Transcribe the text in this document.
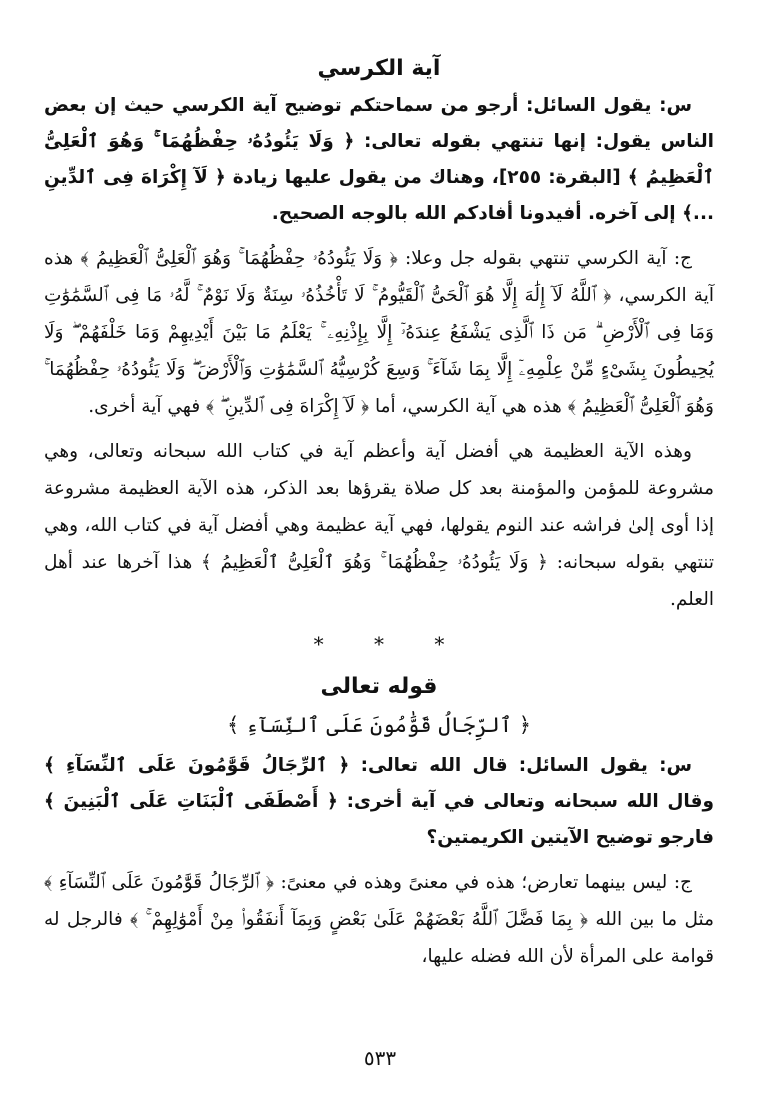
آية الكرسي

س: يقول السائل: أرجو من سماحتكم توضيح آية الكرسي حيث إن بعض الناس يقول: إنها تنتهي بقوله تعالى: ﴿ وَلَا يَئُودُهُۥ حِفْظُهُمَا ۚ وَهُوَ ٱلْعَلِىُّ ٱلْعَظِيمُ ﴾ [البقرة: ٢٥٥]، وهناك من يقول عليها زيادة ﴿ لَآ إِكْرَاهَ فِى ٱلدِّينِ ...﴾ إلى آخره. أفيدونا أفادكم الله بالوجه الصحيح.

ج: آية الكرسي تنتهي بقوله جل وعلا: ﴿ وَلَا يَئُودُهُۥ حِفْظُهُمَا ۚ وَهُوَ ٱلْعَلِىُّ ٱلْعَظِيمُ ﴾ هذه آية الكرسي، ﴿ ٱللَّهُ لَآ إِلَٰهَ إِلَّا هُوَ ٱلْحَىُّ ٱلْقَيُّومُ ۚ لَا تَأْخُذُهُۥ سِنَةٌ وَلَا نَوْمٌ ۚ لَّهُۥ مَا فِى ٱلسَّمَٰوَٰتِ وَمَا فِى ٱلْأَرْضِ ۗ مَن ذَا ٱلَّذِى يَشْفَعُ عِندَهُۥٓ إِلَّا بِإِذْنِهِۦ ۚ يَعْلَمُ مَا بَيْنَ أَيْدِيهِمْ وَمَا خَلْفَهُمْ ۖ وَلَا يُحِيطُونَ بِشَىْءٍ مِّنْ عِلْمِهِۦٓ إِلَّا بِمَا شَآءَ ۚ وَسِعَ كُرْسِيُّهُ ٱلسَّمَٰوَٰتِ وَٱلْأَرْضَ ۖ وَلَا يَئُودُهُۥ حِفْظُهُمَا ۚ وَهُوَ ٱلْعَلِىُّ ٱلْعَظِيمُ ﴾ هذه هي آية الكرسي، أما ﴿ لَآ إِكْرَاهَ فِى ٱلدِّينِ ۖ ﴾ فهي آية أخرى.

وهذه الآية العظيمة هي أفضل آية وأعظم آية في كتاب الله سبحانه وتعالى، وهي مشروعة للمؤمن والمؤمنة بعد كل صلاة يقرؤها بعد الذكر، هذه الآية العظيمة مشروعة إذا أوى إلىٰ فراشه عند النوم يقولها، فهي آية عظيمة وهي أفضل آية في كتاب الله، وهي تنتهي بقوله سبحانه: ﴿ وَلَا يَئُودُهُۥ حِفْظُهُمَا ۚ وَهُوَ ٱلْعَلِىُّ ٱلْعَظِيمُ ﴾ هذا آخرها عند أهل العلم.

* * *
قوله تعالى

﴿ ٱلرِّجَالُ قَوَّٰمُونَ عَلَى ٱلنِّسَآءِ ﴾

س: يقول السائل: قال الله تعالى: ﴿ ٱلرِّجَالُ قَوَّٰمُونَ عَلَى ٱلنِّسَآءِ ﴾ وقال الله سبحانه وتعالى في آية أخرى: ﴿ أَصْطَفَى ٱلْبَنَاتِ عَلَى ٱلْبَنِينَ ﴾ فارجو توضيح الآيتين الكريمتين؟

ج: ليس بينهما تعارض؛ هذه في معنىً وهذه في معنىً: ﴿ ٱلرِّجَالُ قَوَّٰمُونَ عَلَى ٱلنِّسَآءِ ﴾ مثل ما بين الله ﴿ بِمَا فَضَّلَ ٱللَّهُ بَعْضَهُمْ عَلَىٰ بَعْضٍ وَبِمَآ أَنفَقُوا۟ مِنْ أَمْوَٰلِهِمْ ۚ ﴾ فالرجل له قوامة على المرأة لأن الله فضله عليها،

٥٣٣
